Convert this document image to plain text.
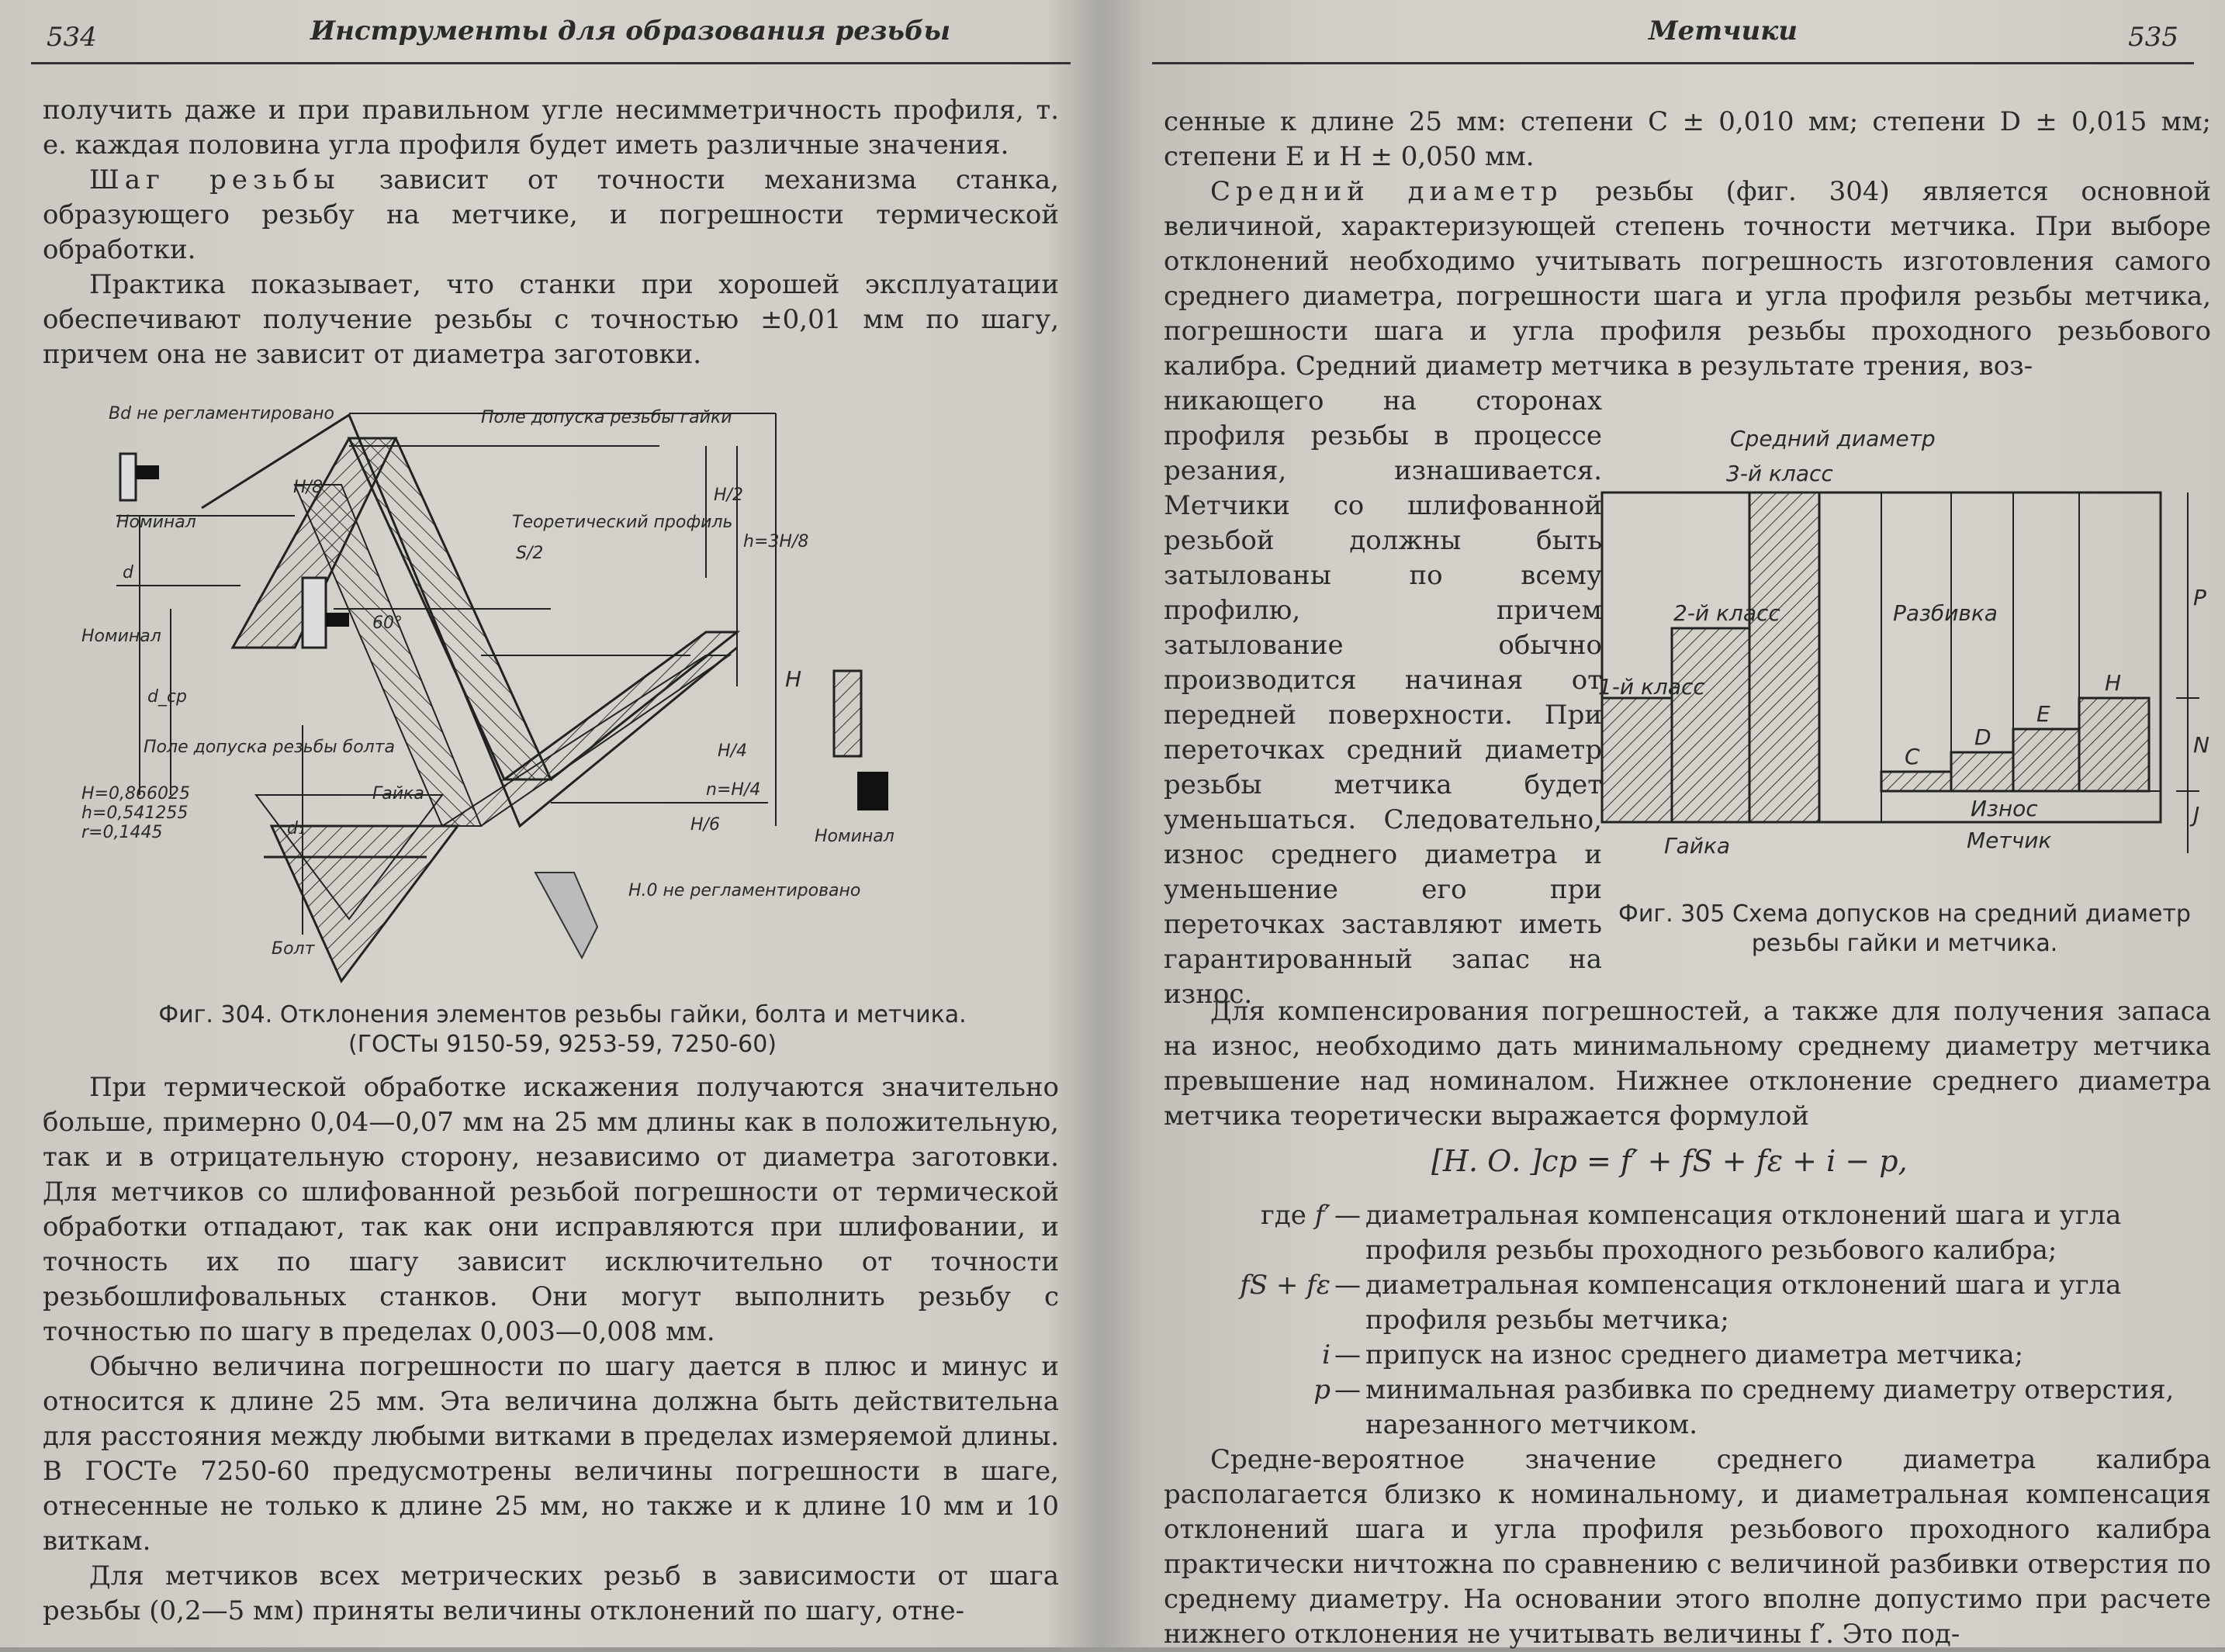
534	Инструменты для образования резьбы

получить даже и при правильном угле несимметричность профиля, т. е. каждая половина угла профиля будет иметь различные значения.

Шаг резьбы зависит от точности механизма станка, образующего резьбу на метчике, и погрешности термической обработки.

Практика показывает, что станки при хорошей эксплуатации обеспечивают получение резьбы с точностью ±0,01 мм по шагу, причем она не зависит от диаметра заготовки.

Вd не регламентировано	Поле допуска резьбы гайки
Теоретический профиль
Номинал
Номинал
Номинал
60°
Поле допуска резьбы болта
Гайка
Болт
Н.0 не регламентировано
H=0,866025
h=0,541255
r=0,1445
d
d₁
d_ср
H
S/2
h=3H/8
H/8
H/4
H/6
H/2
n=H/4
Фиг. 304. Отклонения элементов резьбы гайки, болта и метчика.
(ГОСТы 9150-59, 9253-59, 7250-60)

При термической обработке искажения получаются значительно больше, примерно 0,04—0,07 мм на 25 мм длины как в положительную, так и в отрицательную сторону, независимо от диаметра заготовки. Для метчиков со шлифованной резьбой погрешности от термической обработки отпадают, так как они исправляются при шлифовании, и точность их по шагу зависит исключительно от точности резьбошлифовальных станков. Они могут выполнить резьбу с точностью по шагу в пределах 0,003—0,008 мм.

Обычно величина погрешности по шагу дается в плюс и минус и относится к длине 25 мм. Эта величина должна быть действительна для расстояния между любыми витками в пределах измеряемой длины. В ГОСТе 7250-60 предусмотрены величины погрешности в шаге, отнесенные не только к длине 25 мм, но также и к длине 10 мм и 10 виткам.

Для метчиков всех метрических резьб в зависимости от шага резьбы (0,2—5 мм) приняты величины отклонений по шагу, отне-

Метчики	535

сенные к длине 25 мм: степени С ± 0,010 мм; степени D ± 0,015 мм; степени Е и Н ± 0,050 мм.

Средний диаметр резьбы (фиг. 304) является основной величиной, характеризующей степень точности метчика. При выборе отклонений необходимо учитывать погрешность изготовления самого среднего диаметра, погрешности шага и угла профиля резьбы метчика, погрешности шага и угла профиля резьбы проходного резьбового калибра. Средний диаметр метчика в результате трения, воз-

никающего на сторонах профиля резьбы в процессе резания, изнашивается. Метчики со шлифованной резьбой должны быть затылованы по всему профилю, причем затылование обычно производится начиная от передней поверхности. При переточках средний диаметр резьбы метчика будет уменьшаться. Следовательно, износ среднего диаметра и уменьшение его при переточках заставляют иметь гарантированный запас на износ.

Средний диаметр
3-й класс
2-й класс
1-й класс
Разбивка
C
D
E
H
Износ
Гайка	Метчик
P
N
J
Фиг. 305 Схема допусков на средний диаметр
резьбы гайки и метчика.

Для компенсирования погрешностей, а также для получения запаса на износ, необходимо дать минимальному среднему диаметру метчика превышение над номиналом. Нижнее отклонение среднего диаметра метчика теоретически выражается формулой

[Н. О. ]ср = f′ + fS + fε + i − p,
где f′ — диаметральная компенсация отклонений шага и угла профиля резьбы проходного резьбового калибра;
fS + fε — диаметральная компенсация отклонений шага и угла профиля резьбы метчика;
i — припуск на износ среднего диаметра метчика;
p — минимальная разбивка по среднему диаметру отверстия, нарезанного метчиком.

Средне-вероятное значение среднего диаметра калибра располагается близко к номинальному, и диаметральная компенсация отклонений шага и угла профиля резьбового проходного калибра практически ничтожна по сравнению с величиной разбивки отверстия по среднему диаметру. На основании этого вполне допустимо при расчете нижнего отклонения не учитывать величины f′. Это под-
